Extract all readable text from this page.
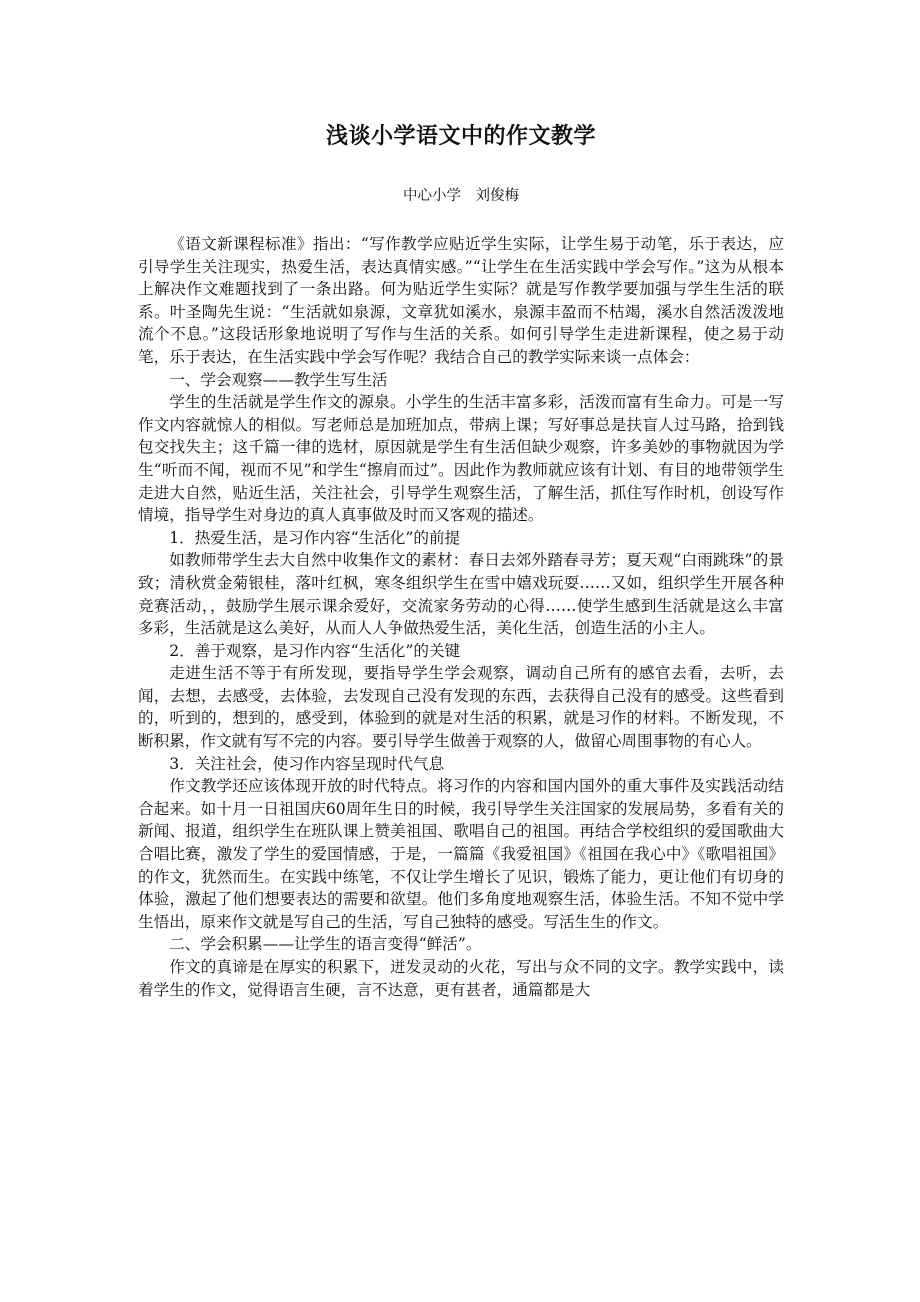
浅谈小学语文中的作文教学
中心小学　刘俊梅

《语文新课程标准》指出：“写作教学应贴近学生实际，让学生易于动笔，乐于表达，应引导学生关注现实，热爱生活，表达真情实感。”“让学生在生活实践中学会写作。”这为从根本上解决作文难题找到了一条出路。何为贴近学生实际？就是写作教学要加强与学生生活的联系。叶圣陶先生说：“生活就如泉源，文章犹如溪水，泉源丰盈而不枯竭，溪水自然活泼泼地流个不息。”这段话形象地说明了写作与生活的关系。如何引导学生走进新课程，使之易于动笔，乐于表达，在生活实践中学会写作呢？我结合自己的教学实际来谈一点体会：

一、学会观察——教学生写生活

学生的生活就是学生作文的源泉。小学生的生活丰富多彩，活泼而富有生命力。可是一写作文内容就惊人的相似。写老师总是加班加点，带病上课；写好事总是扶盲人过马路，拾到钱包交找失主；这千篇一律的选材，原因就是学生有生活但缺少观察，许多美妙的事物就因为学生“听而不闻，视而不见”和学生“擦肩而过”。因此作为教师就应该有计划、有目的地带领学生走进大自然，贴近生活，关注社会，引导学生观察生活，了解生活，抓住写作时机，创设写作情境，指导学生对身边的真人真事做及时而又客观的描述。

1．热爱生活，是习作内容“生活化”的前提

如教师带学生去大自然中收集作文的素材：春日去郊外踏春寻芳；夏天观“白雨跳珠”的景致；清秋赏金菊银桂，落叶红枫，寒冬组织学生在雪中嬉戏玩耍……又如，组织学生开展各种竞赛活动，，鼓励学生展示课余爱好，交流家务劳动的心得……使学生感到生活就是这么丰富多彩，生活就是这么美好，从而人人争做热爱生活，美化生活，创造生活的小主人。

2．善于观察，是习作内容“生活化”的关键

走进生活不等于有所发现，要指导学生学会观察，调动自己所有的感官去看，去听，去闻，去想，去感受，去体验，去发现自己没有发现的东西，去获得自己没有的感受。这些看到的，听到的，想到的，感受到，体验到的就是对生活的积累，就是习作的材料。不断发现，不断积累，作文就有写不完的内容。要引导学生做善于观察的人，做留心周围事物的有心人。

3．关注社会，使习作内容呈现时代气息

作文教学还应该体现开放的时代特点。将习作的内容和国内国外的重大事件及实践活动结合起来。如十月一日祖国庆60周年生日的时候，我引导学生关注国家的发展局势，多看有关的新闻、报道，组织学生在班队课上赞美祖国、歌唱自己的祖国。再结合学校组织的爱国歌曲大合唱比赛，激发了学生的爱国情感，于是，一篇篇《我爱祖国》《祖国在我心中》《歌唱祖国》的作文，犹然而生。在实践中练笔，不仅让学生增长了见识，锻炼了能力，更让他们有切身的体验，激起了他们想要表达的需要和欲望。他们多角度地观察生活，体验生活。不知不觉中学生悟出，原来作文就是写自己的生活，写自己独特的感受。写活生生的作文。

二、学会积累——让学生的语言变得“鲜活”。

作文的真谛是在厚实的积累下，迸发灵动的火花，写出与众不同的文字。教学实践中，读着学生的作文，觉得语言生硬，言不达意，更有甚者，通篇都是大
